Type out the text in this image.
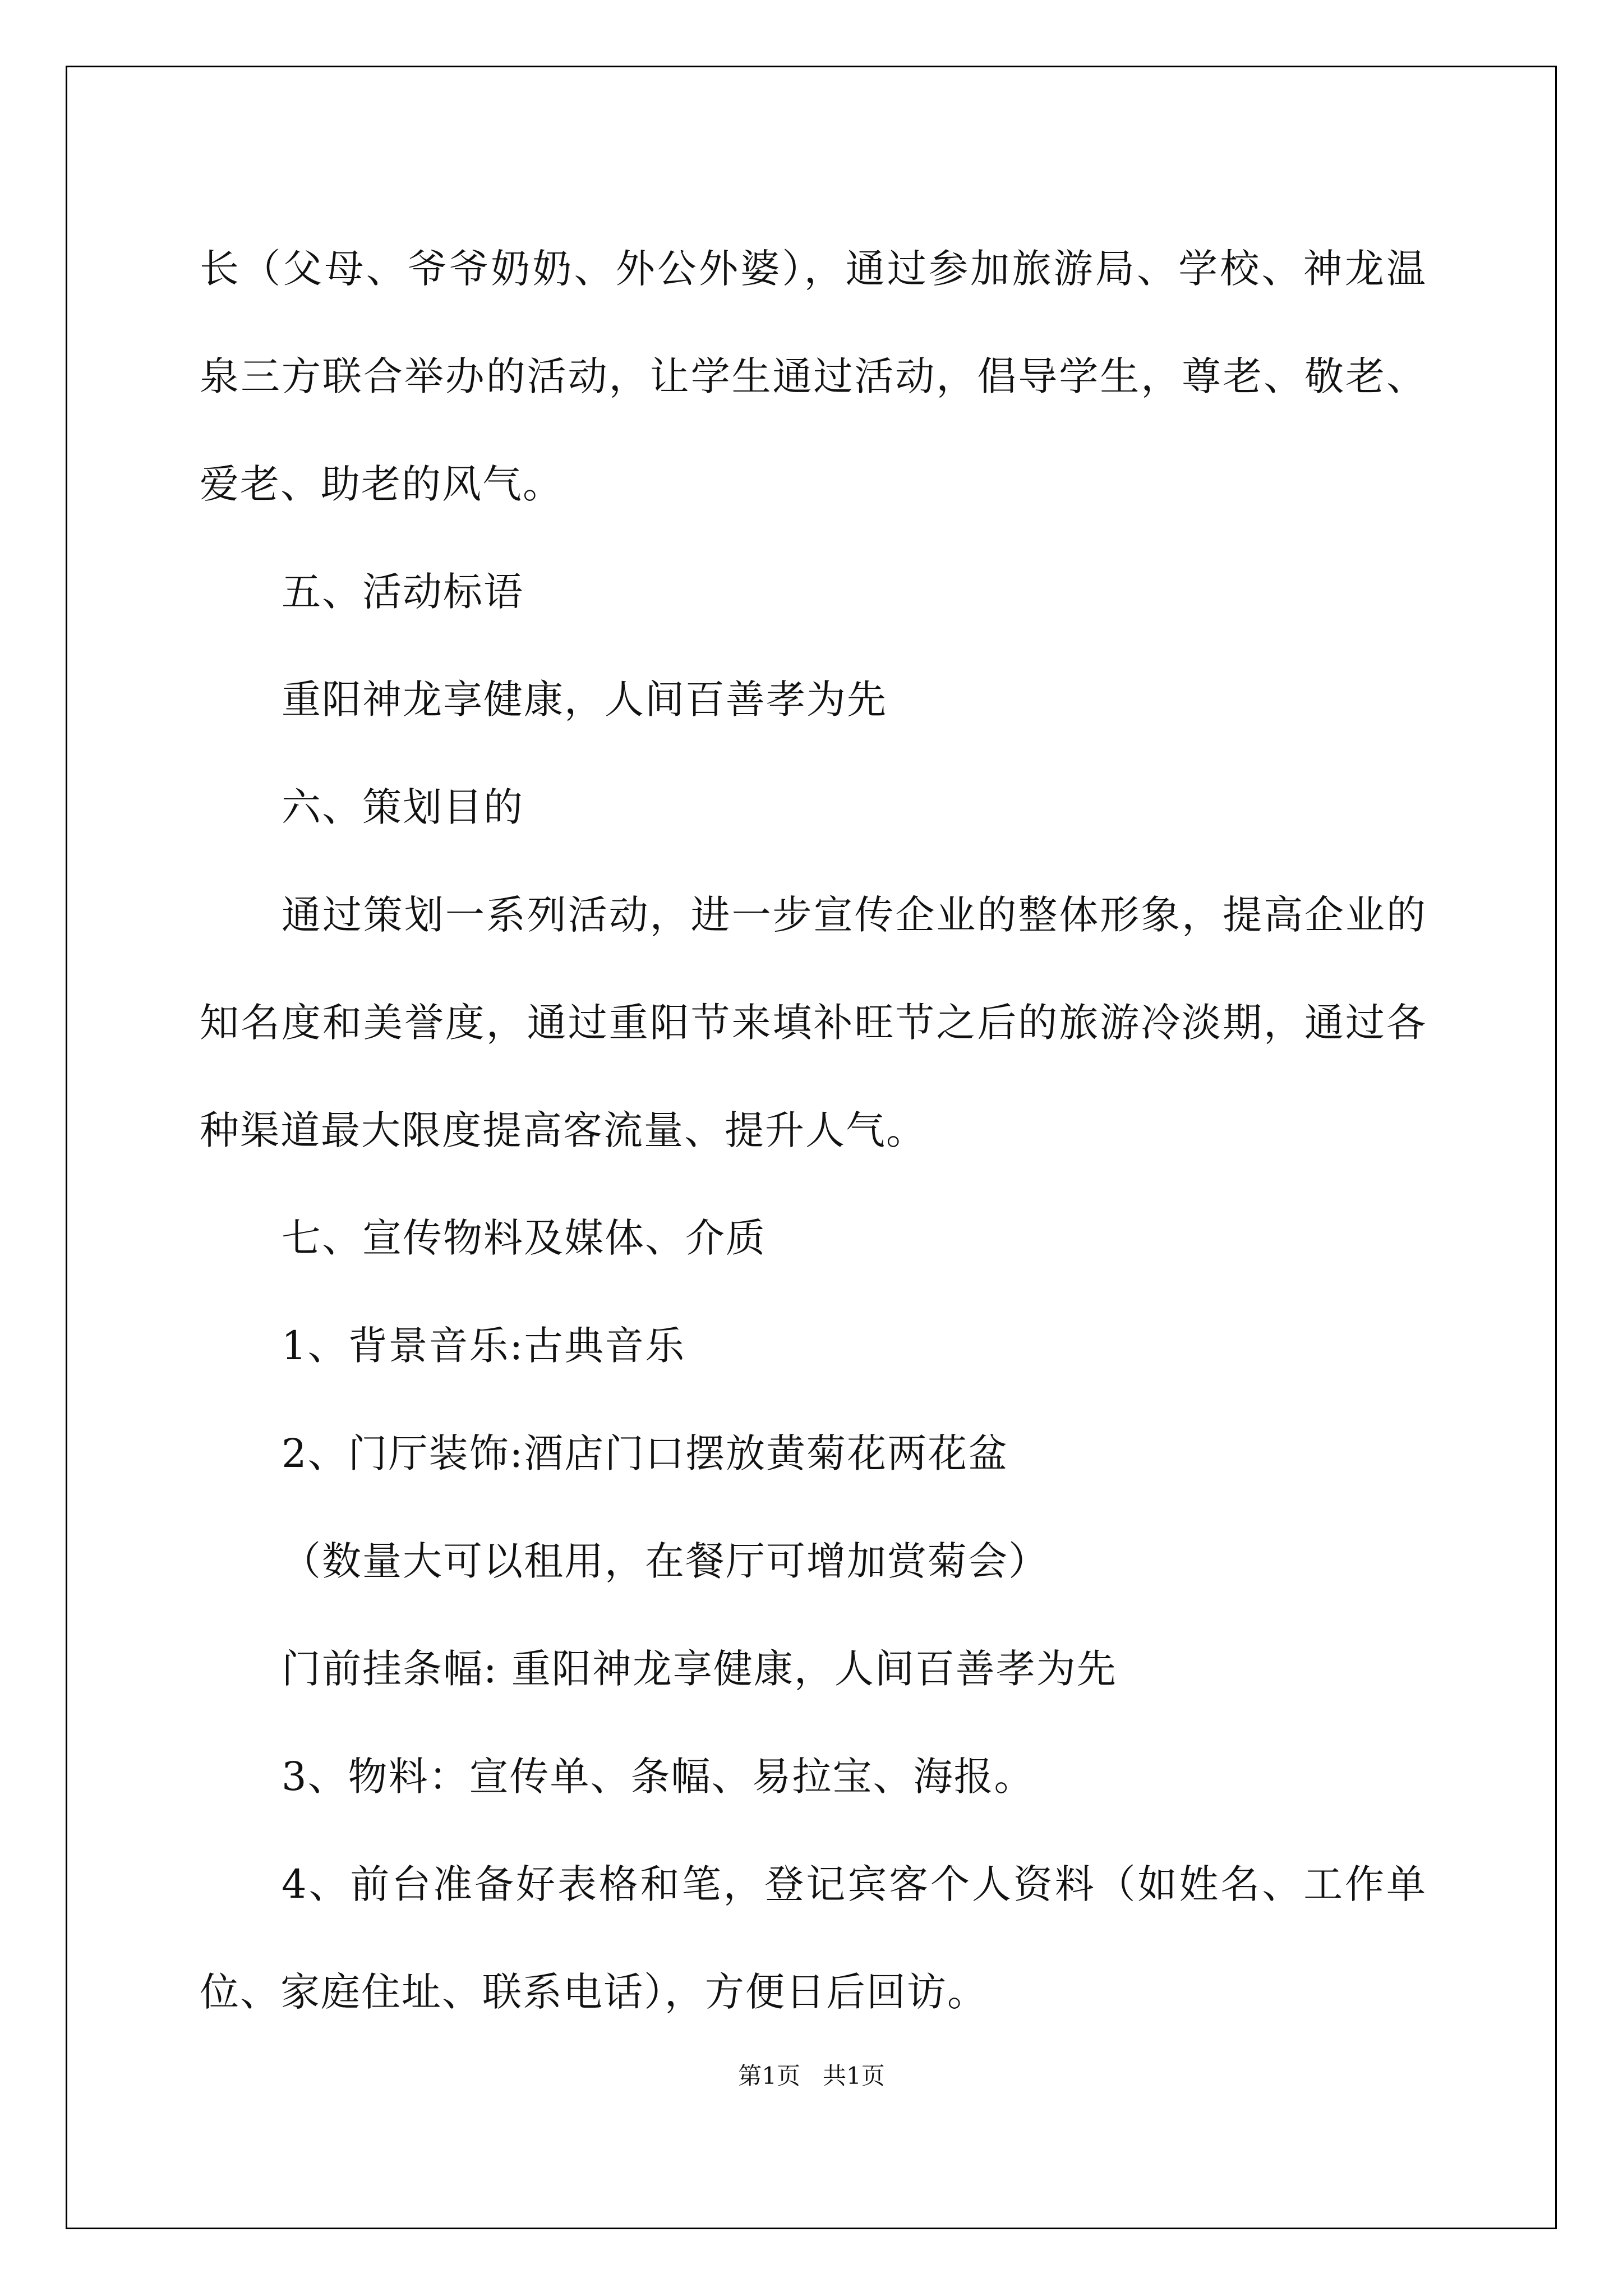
长（父母、爷爷奶奶、外公外婆），通过参加旅游局、学校、神龙温泉三方联合举办的活动，让学生通过活动，倡导学生，尊老、敬老、爱老、助老的风气。

五、活动标语

重阳神龙享健康，人间百善孝为先

六、策划目的

通过策划一系列活动，进一步宣传企业的整体形象，提高企业的知名度和美誉度，通过重阳节来填补旺节之后的旅游冷淡期，通过各种渠道最大限度提高客流量、提升人气。

七、宣传物料及媒体、介质

1、背景音乐:古典音乐

2、门厅装饰:酒店门口摆放黄菊花两花盆

（数量大可以租用，在餐厅可增加赏菊会）

门前挂条幅: 重阳神龙享健康，人间百善孝为先

3、物料：宣传单、条幅、易拉宝、海报。

4、前台准备好表格和笔，登记宾客个人资料（如姓名、工作单位、家庭住址、联系电话），方便日后回访。

第1页   共1页
